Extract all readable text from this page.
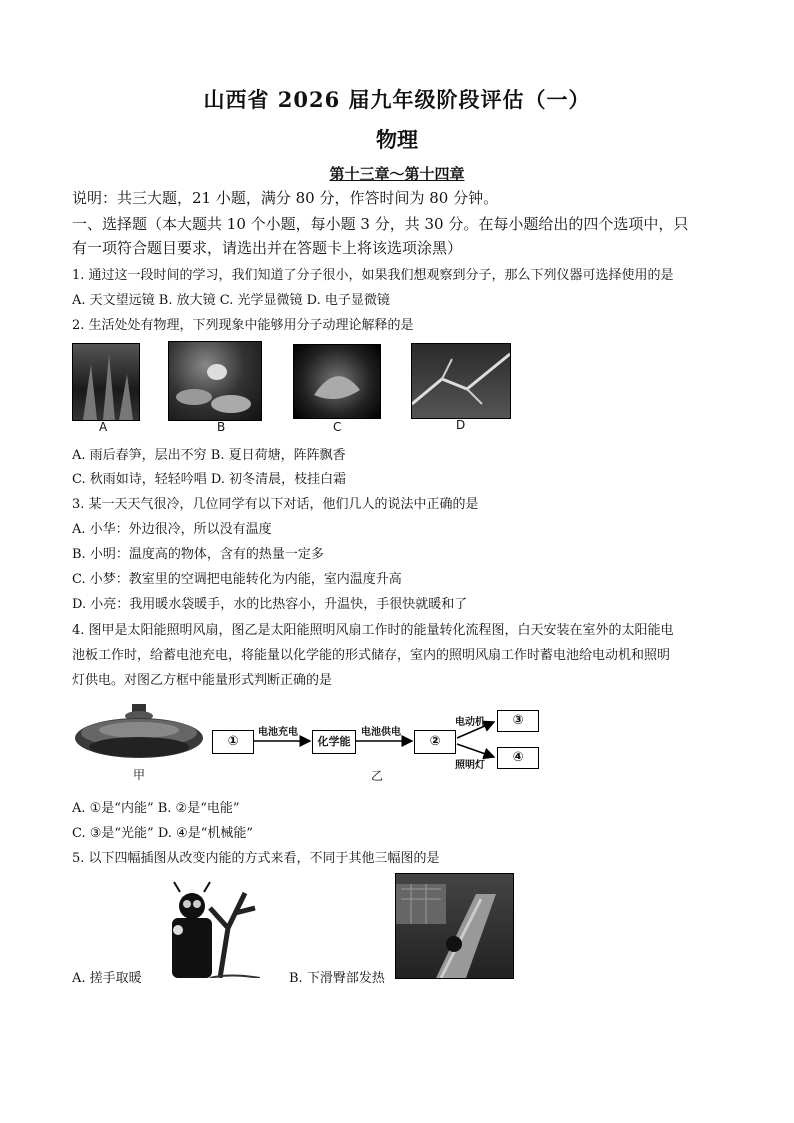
山西省 2026 届九年级阶段评估（一）
物理
第十三章～第十四章
说明：共三大题，21 小题，满分 80 分，作答时间为 80 分钟。
一、选择题（本大题共 10 个小题，每小题 3 分，共 30 分。在每小题给出的四个选项中，只
有一项符合题目要求，请选出并在答题卡上将该选项涂黑）
1. 通过这一段时间的学习，我们知道了分子很小，如果我们想观察到分子，那么下列仪器可选择使用的是
A. 天文望远镜 B. 放大镜 C. 光学显微镜 D. 电子显微镜
2. 生活处处有物理，下列现象中能够用分子动理论解释的是
A	B	C	D
A. 雨后春笋，层出不穷 B. 夏日荷塘，阵阵飘香
C. 秋雨如诗，轻轻吟唱 D. 初冬清晨，枝挂白霜
3. 某一天天气很冷，几位同学有以下对话，他们几人的说法中正确的是
A. 小华：外边很冷，所以没有温度
B. 小明：温度高的物体，含有的热量一定多
C. 小梦：教室里的空调把电能转化为内能，室内温度升高
D. 小亮：我用暖水袋暖手，水的比热容小，升温快，手很快就暖和了
4. 图甲是太阳能照明风扇，图乙是太阳能照明风扇工作时的能量转化流程图，白天安装在室外的太阳能电
池板工作时，给蓄电池充电，将能量以化学能的形式储存，室内的照明风扇工作时蓄电池给电动机和照明
灯供电。对图乙方框中能量形式判断正确的是
甲
①
电池充电
化学能
电池供电
②
电动机	③
照明灯
④
乙
A. ①是“内能” B. ②是“电能”
C. ③是“光能” D. ④是“机械能”
5. 以下四幅插图从改变内能的方式来看，不同于其他三幅图的是
A. 搓手取暖	B. 下滑臀部发热
